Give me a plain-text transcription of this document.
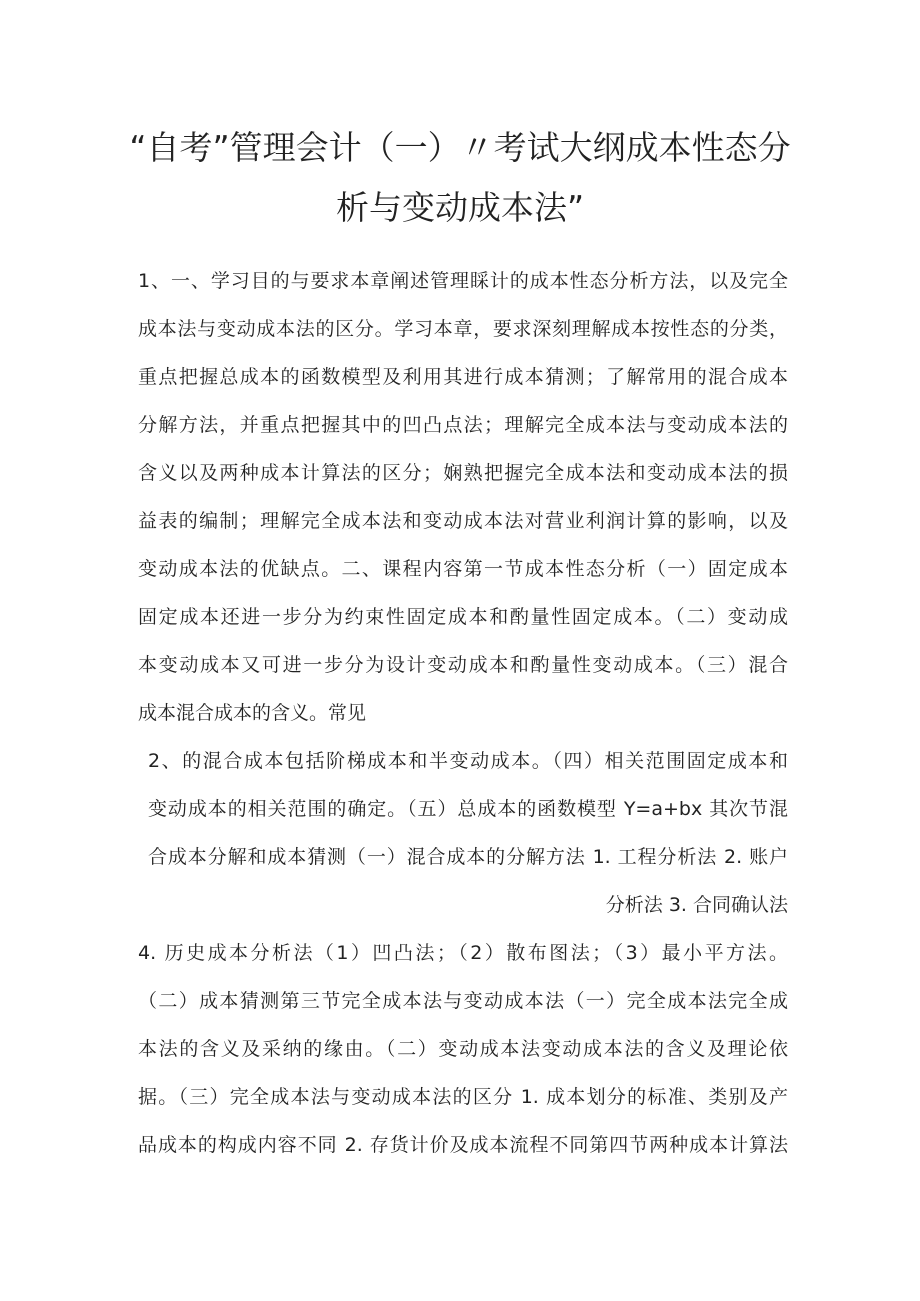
“自考”管理会计（一）〃考试大纲成本性态分
析与变动成本法”

1、一、学习目的与要求本章阐述管理睬计的成本性态分析方法，以及完全

成本法与变动成本法的区分。学习本章，要求深刻理解成本按性态的分类，

重点把握总成本的函数模型及利用其进行成本猜测；了解常用的混合成本

分解方法，并重点把握其中的凹凸点法；理解完全成本法与变动成本法的

含义以及两种成本计算法的区分；娴熟把握完全成本法和变动成本法的损

益表的编制；理解完全成本法和变动成本法对营业利润计算的影响，以及

变动成本法的优缺点。二、课程内容第一节成本性态分析（一）固定成本

固定成本还进一步分为约束性固定成本和酌量性固定成本。（二）变动成

本变动成本又可进一步分为设计变动成本和酌量性变动成本。（三）混合

成本混合成本的含义。常见

2、的混合成本包括阶梯成本和半变动成本。（四）相关范围固定成本和

变动成本的相关范围的确定。（五）总成本的函数模型 Y=a+bx 其次节混

合成本分解和成本猜测（一）混合成本的分解方法 1. 工程分析法 2. 账户

分析法 3. 合同确认法

4. 历史成本分析法（1）凹凸法；（2）散布图法；（3）最小平方法。

（二）成本猜测第三节完全成本法与变动成本法（一）完全成本法完全成

本法的含义及采纳的缘由。（二）变动成本法变动成本法的含义及理论依

据。（三）完全成本法与变动成本法的区分 1. 成本划分的标准、类别及产

品成本的构成内容不同 2. 存货计价及成本流程不同第四节两种成本计算法
